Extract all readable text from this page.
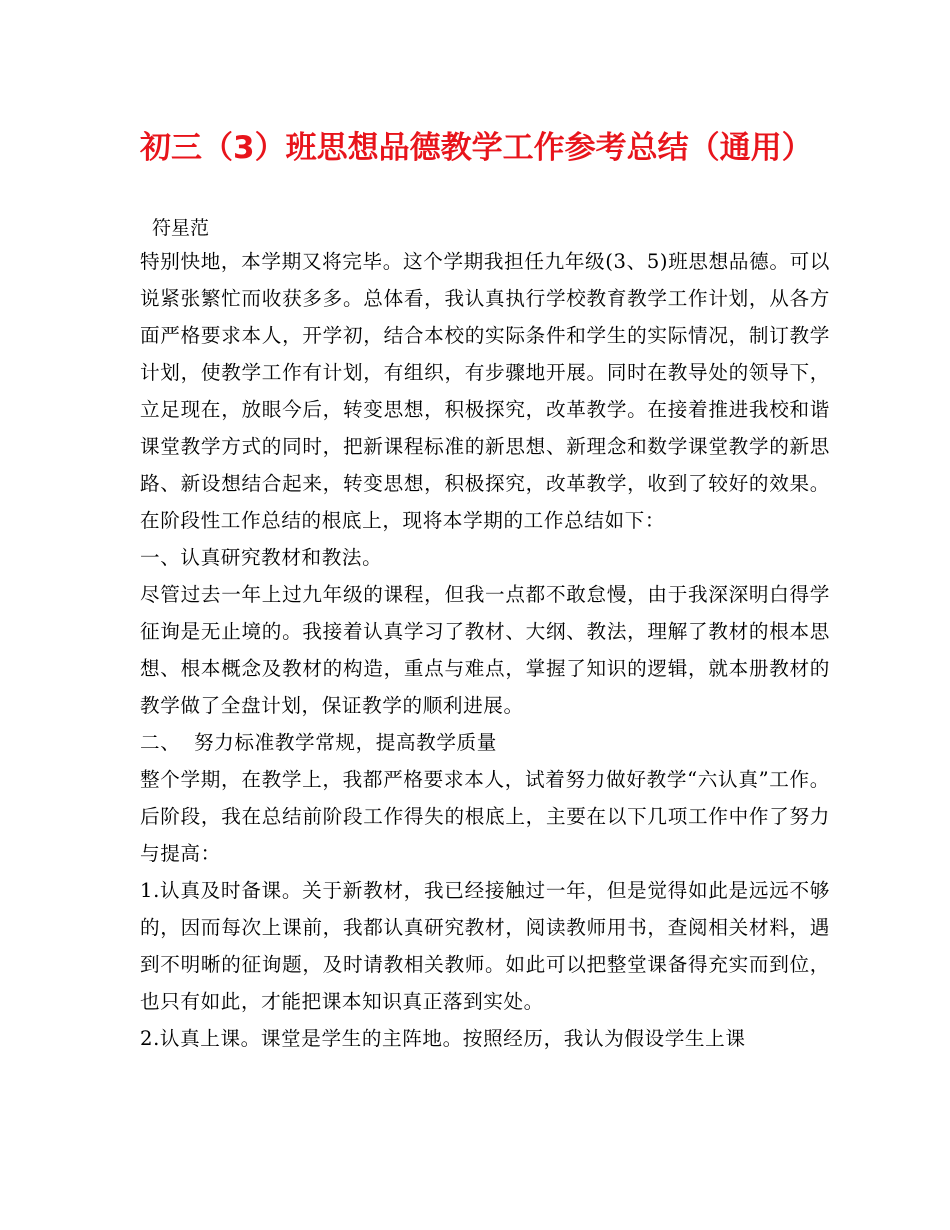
初三（3）班思想品德教学工作参考总结（通用）

符星范

特别快地，本学期又将完毕。这个学期我担任九年级(3、5)班思想品德。可以说紧张繁忙而收获多多。总体看，我认真执行学校教育教学工作计划，从各方面严格要求本人，开学初，结合本校的实际条件和学生的实际情况，制订教学计划，使教学工作有计划，有组织，有步骤地开展。同时在教导处的领导下，立足现在，放眼今后，转变思想，积极探究，改革教学。在接着推进我校和谐课堂教学方式的同时，把新课程标准的新思想、新理念和数学课堂教学的新思路、新设想结合起来，转变思想，积极探究，改革教学，收到了较好的效果。在阶段性工作总结的根底上，现将本学期的工作总结如下：

一、认真研究教材和教法。

尽管过去一年上过九年级的课程，但我一点都不敢怠慢，由于我深深明白得学征询是无止境的。我接着认真学习了教材、大纲、教法，理解了教材的根本思想、根本概念及教材的构造，重点与难点，掌握了知识的逻辑，就本册教材的教学做了全盘计划，保证教学的顺利进展。

二、  努力标准教学常规，提高教学质量

整个学期，在教学上，我都严格要求本人，试着努力做好教学“六认真”工作。后阶段，我在总结前阶段工作得失的根底上，主要在以下几项工作中作了努力与提高：

1.认真及时备课。关于新教材，我已经接触过一年，但是觉得如此是远远不够的，因而每次上课前，我都认真研究教材，阅读教师用书，查阅相关材料，遇到不明晰的征询题，及时请教相关教师。如此可以把整堂课备得充实而到位，也只有如此，才能把课本知识真正落到实处。

2.认真上课。课堂是学生的主阵地。按照经历，我认为假设学生上课
